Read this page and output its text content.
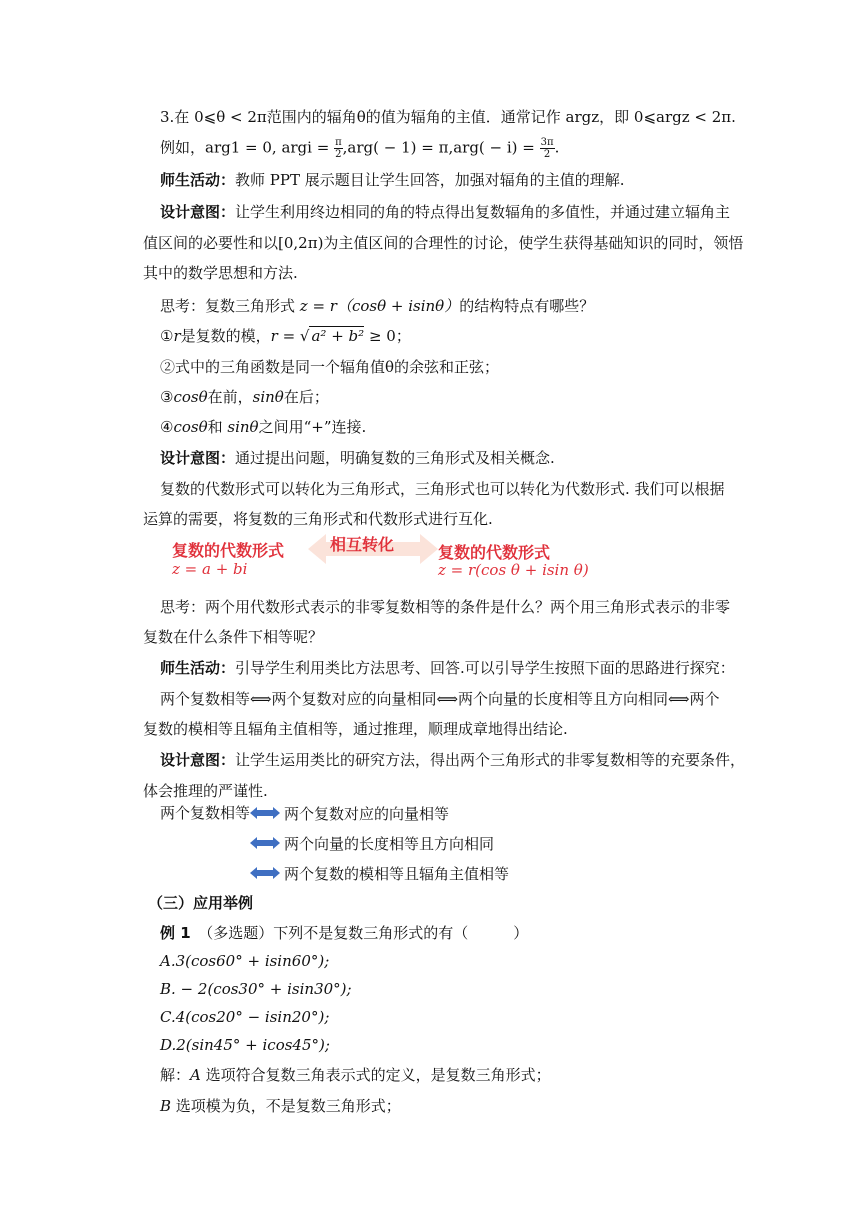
3.在 0⩽θ < 2π范围内的辐角θ的值为辐角的主值．通常记作 argz，即 0⩽argz < 2π.
例如，arg1 = 0, argi = $\frac{\pi}{2} ,arg( - 1) = \pi,arg( - i) = \frac{3\pi}{2}$ .
师生活动：教师 PPT 展示题目让学生回答，加强对辐角的主值的理解.
设计意图：让学生利用终边相同的角的特点得出复数辐角的多值性，并通过建立辐角主
值区间的必要性和以[0,2π)为主值区间的合理性的讨论，使学生获得基础知识的同时，领悟
其中的数学思想和方法.
思考：复数三角形式 z = r（cosθ + isinθ）的结构特点有哪些？
①r是复数的模，r = √ a² + b² ≥ 0；
②式中的三角函数是同一个辐角值θ的余弦和正弦；
③cosθ在前，sinθ在后；
④cosθ和 sinθ之间用“+”连接.
设计意图：通过提出问题，明确复数的三角形式及相关概念.
复数的代数形式可以转化为三角形式，三角形式也可以转化为代数形式. 我们可以根据
运算的需要，将复数的三角形式和代数形式进行互化.
复数的代数形式
z = a + bi
相互转化	复数的代数形式
z = r(cos θ + isin θ)
思考：两个用代数形式表示的非零复数相等的条件是什么？两个用三角形式表示的非零
复数在什么条件下相等呢？
师生活动：引导学生利用类比方法思考、回答.可以引导学生按照下面的思路进行探究：
两个复数相等⟺两个复数对应的向量相同⟺两个向量的长度相等且方向相同⟺两个
复数的模相等且辐角主值相等，通过推理，顺理成章地得出结论.
设计意图：让学生运用类比的研究方法，得出两个三角形式的非零复数相等的充要条件，
体会推理的严谨性.
两个复数相等 两个复数对应的向量相等
两个向量的长度相等且方向相同
两个复数的模相等且辐角主值相等
（三）应用举例
例 1　 （多选题）下列不是复数三角形式的有（　　　）
A.3(cos60° + isin60°);
B. − 2(cos30° + isin30°);
C.4(cos20° − isin20°);
D.2(sin45° + icos45°);
解：A 选项符合复数三角表示式的定义，是复数三角形式；
B 选项模为负，不是复数三角形式；
